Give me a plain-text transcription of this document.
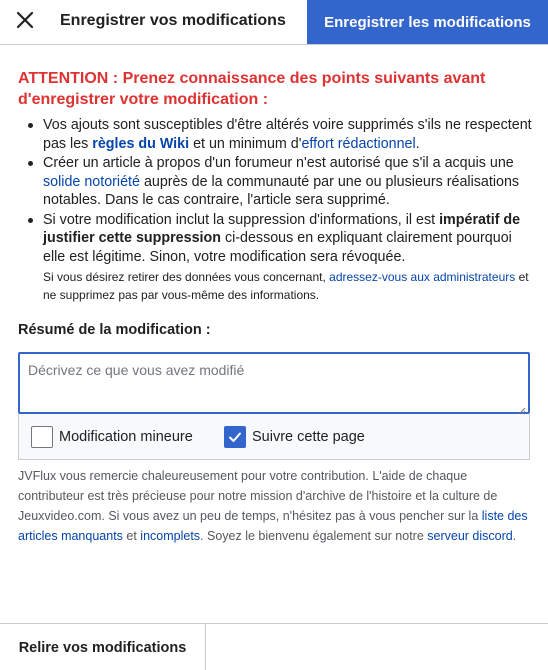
Enregistrer vos modifications	Enregistrer les modifications
ATTENTION : Prenez connaissance des points suivants avant d'enregistrer votre modification :
Vos ajouts sont susceptibles d'être altérés voire supprimés s'ils ne respectent pas les règles du Wiki et un minimum d'effort rédactionnel.
Créer un article à propos d'un forumeur n'est autorisé que s'il a acquis une solide notoriété auprès de la communauté par une ou plusieurs réalisations notables. Dans le cas contraire, l'article sera supprimé.
Si votre modification inclut la suppression d'informations, il est impératif de justifier cette suppression ci-dessous en expliquant clairement pourquoi elle est légitime. Sinon, votre modification sera révoquée.
Si vous désirez retirer des données vous concernant, adressez-vous aux administrateurs et ne supprimez pas par vous-même des informations.
Résumé de la modification :
Décrivez ce que vous avez modifié
Modification mineure	Suivre cette page
JVFlux vous remercie chaleureusement pour votre contribution. L'aide de chaque contributeur est très précieuse pour notre mission d'archive de l'histoire et la culture de Jeuxvideo.com. Si vous avez un peu de temps, n'hésitez pas à vous pencher sur la liste des articles manquants et incomplets. Soyez le bienvenu également sur notre serveur discord.
Relire vos modifications
